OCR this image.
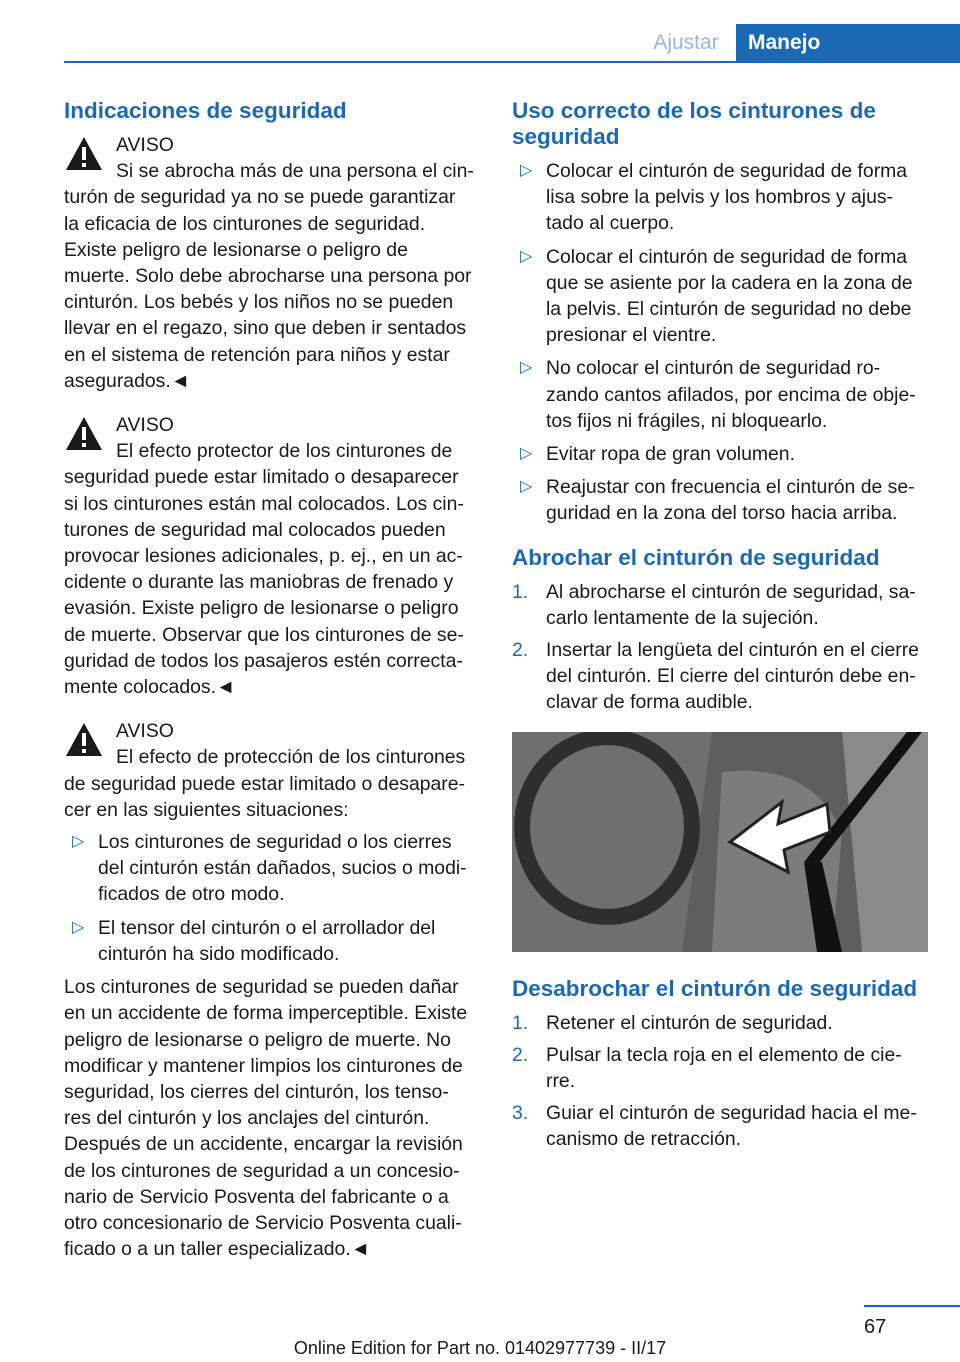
Ajustar	Manejo
Indicaciones de seguridad

AVISO

Si se abrocha más de una persona el cin-

turón de seguridad ya no se puede garantizar

la eficacia de los cinturones de seguridad.

Existe peligro de lesionarse o peligro de

muerte. Solo debe abrocharse una persona por

cinturón. Los bebés y los niños no se pueden

llevar en el regazo, sino que deben ir sentados

en el sistema de retención para niños y estar

asegurados.◄

AVISO

El efecto protector de los cinturones de

seguridad puede estar limitado o desaparecer

si los cinturones están mal colocados. Los cin-

turones de seguridad mal colocados pueden

provocar lesiones adicionales, p. ej., en un ac-

cidente o durante las maniobras de frenado y

evasión. Existe peligro de lesionarse o peligro

de muerte. Observar que los cinturones de se-

guridad de todos los pasajeros estén correcta-

mente colocados.◄

AVISO

El efecto de protección de los cinturones

de seguridad puede estar limitado o desapare-

cer en las siguientes situaciones:

▷ Los cinturones de seguridad o los cierres del cinturón están dañados, sucios o modi-ficados de otro modo.
▷ El tensor del cinturón o el arrollador del cinturón ha sido modificado.

Los cinturones de seguridad se pueden dañar

en un accidente de forma imperceptible. Existe

peligro de lesionarse o peligro de muerte. No

modificar y mantener limpios los cinturones de

seguridad, los cierres del cinturón, los tenso-

res del cinturón y los anclajes del cinturón.

Después de un accidente, encargar la revisión

de los cinturones de seguridad a un concesio-

nario de Servicio Posventa del fabricante o a

otro concesionario de Servicio Posventa cuali-

ficado o a un taller especializado.◄

Uso correcto de los cinturones de seguridad
▷ Colocar el cinturón de seguridad de forma lisa sobre la pelvis y los hombros y ajus-tado al cuerpo.
▷ Colocar el cinturón de seguridad de forma que se asiente por la cadera en la zona de la pelvis. El cinturón de seguridad no debe presionar el vientre.
▷ No colocar el cinturón de seguridad ro-zando cantos afilados, por encima de obje-tos fijos ni frágiles, ni bloquearlo.
▷ Evitar ropa de gran volumen.
▷ Reajustar con frecuencia el cinturón de se-guridad en la zona del torso hacia arriba.
Abrochar el cinturón de seguridad
1. Al abrocharse el cinturón de seguridad, sa-carlo lentamente de la sujeción.
2. Insertar la lengüeta del cinturón en el cierre del cinturón. El cierre del cinturón debe en-clavar de forma audible.
Desabrochar el cinturón de seguridad
1. Retener el cinturón de seguridad.
2. Pulsar la tecla roja en el elemento de cie-rre.
3. Guiar el cinturón de seguridad hacia el me-canismo de retracción.
67
Online Edition for Part no. 01402977739 - II/17
